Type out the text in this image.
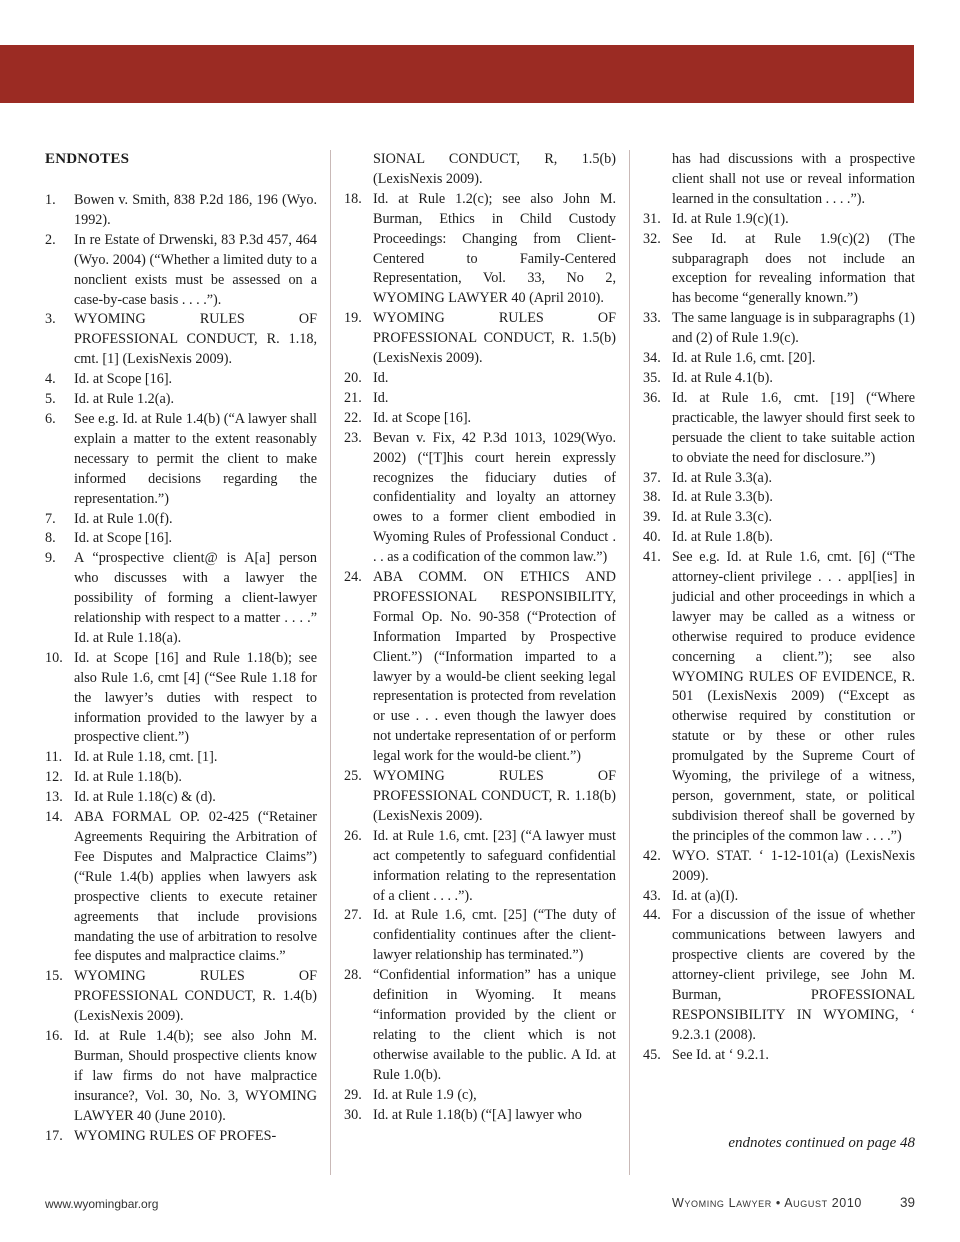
ENDNOTES
1.	Bowen v. Smith, 838 P.2d 186, 196 (Wyo. 1992).
2.	In re Estate of Drwenski, 83 P.3d 457, 464 (Wyo. 2004) (“Whether a limited duty to a nonclient exists must be assessed on a case-by-case basis . . . .”).
3.	WYOMING RULES OF PROFESSIONAL CONDUCT, R. 1.18, cmt. [1] (LexisNexis 2009).
4.	Id. at Scope [16].
5.	Id. at Rule 1.2(a).
6.	See e.g. Id. at Rule 1.4(b) (“A lawyer shall explain a matter to the extent reasonably necessary to permit the client to make informed decisions regarding the representation.”)
7.	Id. at Rule 1.0(f).
8.	Id. at Scope [16].
9.	A “prospective client@ is A[a] person who discusses with a lawyer the possibility of forming a client-lawyer relationship with respect to a matter . . . .” Id. at Rule 1.18(a).
10. Id. at Scope [16] and Rule 1.18(b); see also Rule 1.6, cmt [4] (“See Rule 1.18 for the lawyer’s duties with respect to information provided to the lawyer by a prospective client.”)
11. Id. at Rule 1.18, cmt. [1].
12. Id. at Rule 1.18(b).
13. Id. at Rule 1.18(c) & (d).
14. ABA FORMAL OP. 02-425 (“Retainer Agreements Requiring the Arbitration of Fee Disputes and Malpractice Claims”) (“Rule 1.4(b) applies when lawyers ask prospective clients to execute retainer agreements that include provisions mandating the use of arbitration to resolve fee disputes and malpractice claims.”
15. WYOMING RULES OF PROFESSIONAL CONDUCT, R. 1.4(b) (LexisNexis 2009).
16. Id. at Rule 1.4(b); see also John M. Burman, Should prospective clients know if law firms do not have malpractice insurance?, Vol. 30, No. 3, WYOMING LAWYER 40 (June 2010).
17. WYOMING RULES OF PROFES-
SIONAL CONDUCT, R, 1.5(b) (LexisNexis 2009).
18. Id. at Rule 1.2(c); see also John M. Burman, Ethics in Child Custody Proceedings: Changing from Client-Centered to Family-Centered Representation, Vol. 33, No 2, WYOMING LAWYER 40 (April 2010).
19. WYOMING RULES OF PROFESSIONAL CONDUCT, R. 1.5(b) (LexisNexis 2009).
20. Id.
21. Id.
22. Id. at Scope [16].
23. Bevan v. Fix, 42 P.3d 1013, 1029(Wyo. 2002) (“[T]his court herein expressly recognizes the fiduciary duties of confidentiality and loyalty an attorney owes to a former client embodied in Wyoming Rules of Professional Conduct . . . as a codification of the common law.”)
24. ABA COMM. ON ETHICS AND PROFESSIONAL RESPONSIBILITY, Formal Op. No. 90-358 (“Protection of Information Imparted by Prospective Client.”) (“Information imparted to a lawyer by a would-be client seeking legal representation is protected from revelation or use . . . even though the lawyer does not undertake representation of or perform legal work for the would-be client.”)
25. WYOMING RULES OF PROFESSIONAL CONDUCT, R. 1.18(b) (LexisNexis 2009).
26. Id. at Rule 1.6, cmt. [23] (“A lawyer must act competently to safeguard confidential information relating to the representation of a client . . . .”).
27. Id. at Rule 1.6, cmt. [25] (“The duty of confidentiality continues after the client-lawyer relationship has terminated.”)
28. “Confidential information” has a unique definition in Wyoming. It means “information provided by the client or relating to the client which is not otherwise available to the public. A Id. at Rule 1.0(b).
29. Id. at Rule 1.9 (c),
30. Id. at Rule 1.18(b) (“[A] lawyer who
has had discussions with a prospective client shall not use or reveal information learned in the consultation . . . .”).
31. Id. at Rule 1.9(c)(1).
32. See Id. at Rule 1.9(c)(2) (The subparagraph does not include an exception for revealing information that has become “generally known.”)
33. The same language is in subparagraphs (1) and (2) of Rule 1.9(c).
34. Id. at Rule 1.6, cmt. [20].
35. Id. at Rule 4.1(b).
36. Id. at Rule 1.6, cmt. [19] (“Where practicable, the lawyer should first seek to persuade the client to take suitable action to obviate the need for disclosure.”)
37. Id. at Rule 3.3(a).
38. Id. at Rule 3.3(b).
39. Id. at Rule 3.3(c).
40. Id. at Rule 1.8(b).
41. See e.g. Id. at Rule 1.6, cmt. [6] (“The attorney-client privilege . . . appl[ies] in judicial and other proceedings in which a lawyer may be called as a witness or otherwise required to produce evidence concerning a client.”); see also WYOMING RULES OF EVIDENCE, R. 501 (LexisNexis 2009) (“Except as otherwise required by constitution or statute or by these or other rules promulgated by the Supreme Court of Wyoming, the privilege of a witness, person, government, state, or political subdivision thereof shall be governed by the principles of the common law . . . .”)
42. WYO. STAT. ‘ 1-12-101(a) (LexisNexis 2009).
43. Id. at (a)(I).
44. For a discussion of the issue of whether communications between lawyers and prospective clients are covered by the attorney-client privilege, see John M. Burman, PROFESSIONAL RESPONSIBILITY IN WYOMING, ‘ 9.2.3.1 (2008).
45. See Id. at ‘ 9.2.1.
endnotes continued on page 48
www.wyomingbar.org	Wyoming Lawyer • August 2010	39
